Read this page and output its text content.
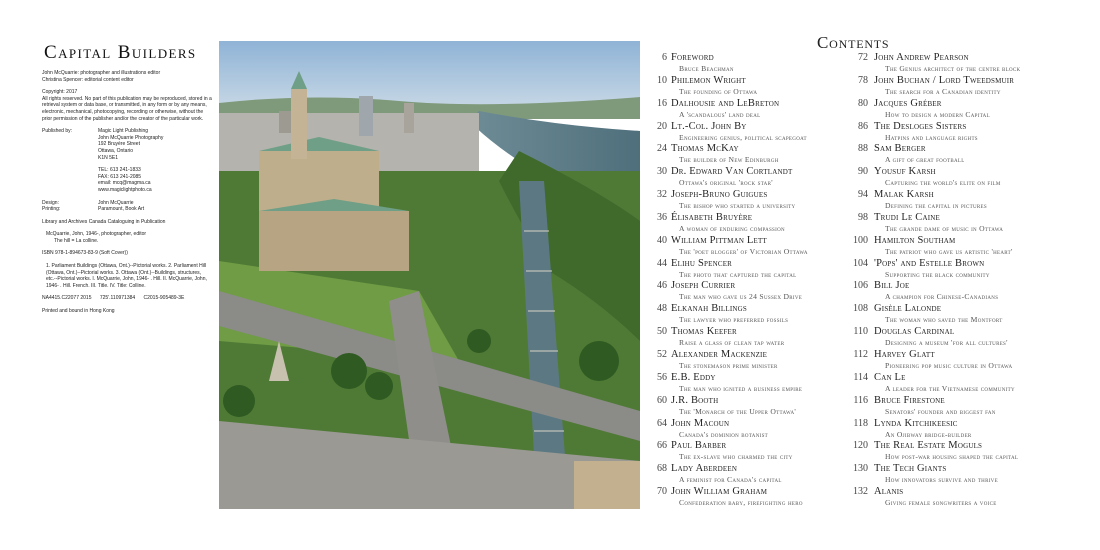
Capital Builders

John McQuarrie: photographer and illustrations editor

Christina Spencer: editorial content editor

Copyright: 2017

All rights reserved. No part of this publication may be reproduced, stored in a retrieval system or data base, or transmitted, in any form or by any means, electronic, mechanical, photocopying, recording or otherwise, without the prior permission of the publisher and/or the creator of the particular work.

Published by:	Magic Light Publishing

John McQuarrie Photography

192 Bruyère Street

Ottawa, Ontario

K1N 5E1

TEL: 613 241-1833

FAX: 613 241-2085

email: mcq@magma.ca

www.magiclightphoto.ca

Design:	John McQuarrie
Printing:	Paramount, Book Art

Library and Archives Canada Cataloguing in Publication

McQuarrie, John, 1946-, photographer, editor

The hill = La colline.

ISBN 978-1-894673-83-9 (Soft Cover))

1. Parliament Buildings (Ottawa, Ont.)--Pictorial works. 2. Parliament Hill (Ottawa, Ont.)--Pictorial works. 3. Ottawa (Ont.)--Buildings, structures, etc.--Pictorial works. I. McQuarrie, John, 1946- . Hill. II. McQuarrie, John, 1946- . Hill. French. III. Title. IV. Title: Colline.

NA4415.C22077 2015      725'.110971384      C2015-905489-3E

Printed and bound in Hong Kong

Contents
6 Foreword
Bruce Beachman
10 Philemon Wright
The founding of Ottawa
16 Dalhousie and LeBreton
A 'scandalous' land deal
20 Lt.-Col. John By
Engineering genius, political scapegoat
24 Thomas McKay
The builder of New Edinburgh
30 Dr. Edward Van Cortlandt
Ottawa's original 'rock star'
32 Joseph-Bruno Guigues
The bishop who started a university
36 Élisabeth Bruyère
A woman of enduring compassion
40 William Pittman Lett
The 'poet blogger' of Victorian Ottawa
44 Elihu Spencer
The photo that captured the capital
46 Joseph Currier
The man who gave us 24 Sussex Drive
48 Elkanah Billings
The lawyer who preferred fossils
50 Thomas Keefer
Raise a glass of clean tap water
52 Alexander Mackenzie
The stonemason prime minister
56 E.B. Eddy
The man who ignited a business empire
60 J.R. Booth
The 'Monarch of the Upper Ottawa'
64 John Macoun
Canada's dominion botanist
66 Paul Barber
The ex-slave who charmed the city
68 Lady Aberdeen
A feminist for Canada's capital
70 John William Graham
Confederation baby, firefighting hero
72 John Andrew Pearson
The Genius architect of the centre block
78 John Buchan / Lord Tweedsmuir
The search for a Canadian identity
80 Jacques Gréber
How to design a modern Capital
86 The Desloges Sisters
Hatpins and language rights
88 Sam Berger
A gift of great football
90 Yousuf Karsh
Capturing the world's elite on film
94 Malak Karsh
Defining the capital in pictures
98 Trudi Le Caine
The grande dame of music in Ottawa
100 Hamilton Southam
The patriot who gave us artistic 'heart'
104 'Pops' and Estelle Brown
Supporting the black community
106 Bill Joe
A champion for Chinese-Canadians
108 Gisèle Lalonde
The woman who saved the Montfort
110 Douglas Cardinal
Designing a museum 'for all cultures'
112 Harvey Glatt
Pioneering pop music culture in Ottawa
114 Can Le
A leader for the Vietnamese community
116 Bruce Firestone
Senators' founder and biggest fan
118 Lynda Kitchikeesic
An Ojibway bridge-builder
120 The Real Estate Moguls
How post-war housing shaped the capital
130 The Tech Giants
How innovators survive and thrive
132 Alanis
Giving female songwriters a voice
